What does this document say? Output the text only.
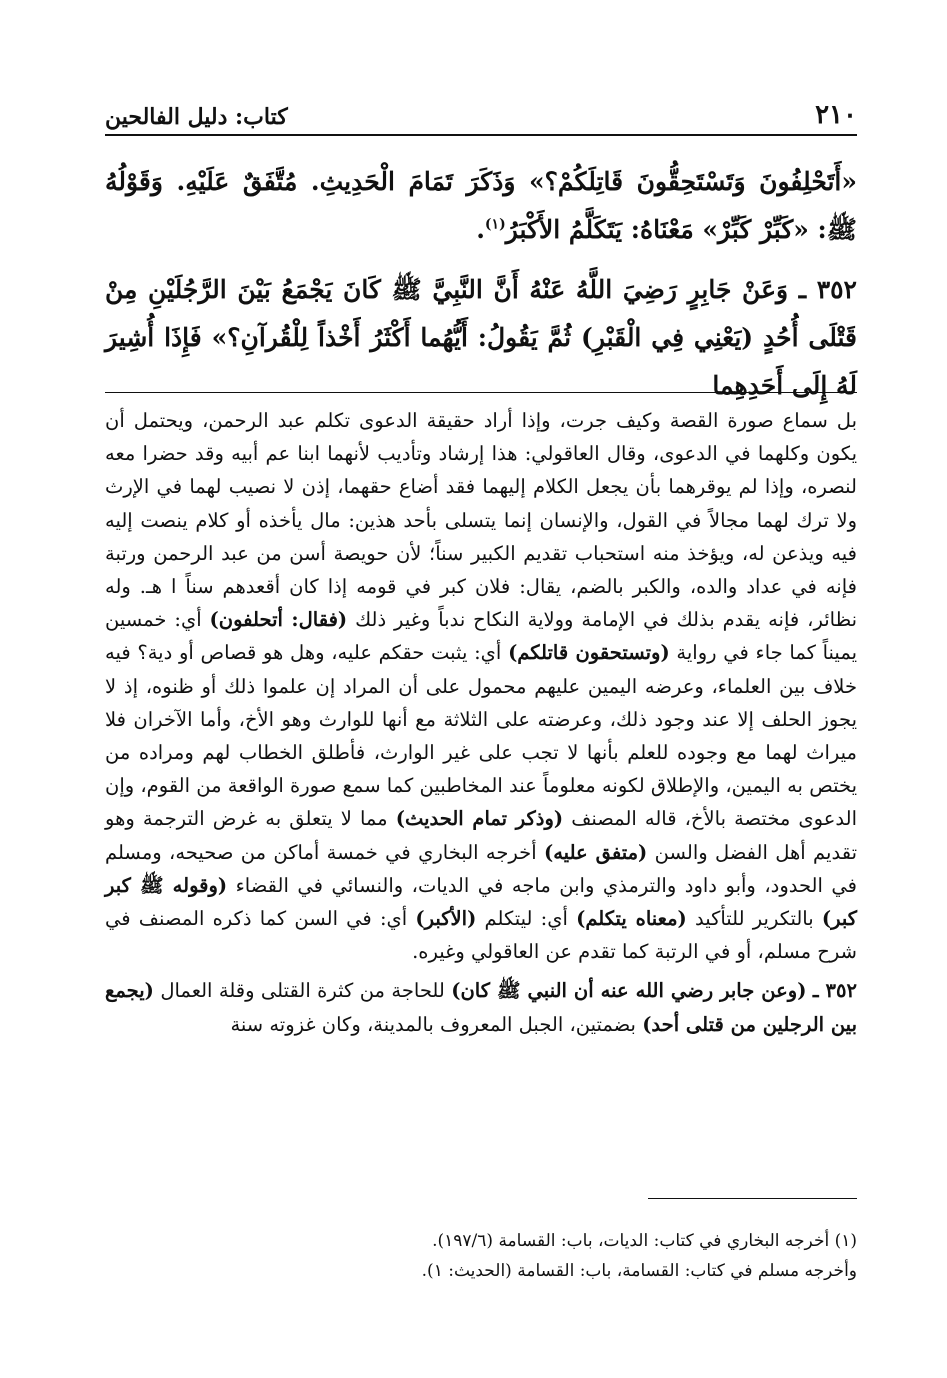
كتاب: دليل الفالحين	٢١٠

«أَتَحْلِفُونَ وَتَسْتَحِقُّونَ قَاتِلَكُمْ؟» وَذَكَرَ تَمَامَ الْحَدِيثِ. مُتَّفَقٌ عَلَيْهِ. وَقَوْلُهُ ﷺ: «كَبِّرْ كَبِّرْ» مَعْنَاهُ: يَتَكَلَّمُ الأَكْبَرُ$^{(١)}$.

٣٥٢ ـ وَعَنْ جَابِرٍ رَضِيَ اللَّهُ عَنْهُ أَنَّ النَّبِيَّ ﷺ كَانَ يَجْمَعُ بَيْنَ الرَّجُلَيْنِ مِنْ قَتْلَى أُحُدٍ (يَعْنِي فِي الْقَبْرِ) ثُمَّ يَقُولُ: أَيُّهُما أَكْثَرُ أَخْذاً لِلْقُرآنِ؟» فَإِذَا أُشِيرَ لَهُ إِلَى أَحَدِهِما

بل سماع صورة القصة وكيف جرت، وإذا أراد حقيقة الدعوى تكلم عبد الرحمن، ويحتمل أن يكون وكلهما في الدعوى، وقال العاقولي: هذا إرشاد وتأديب لأنهما ابنا عم أبيه وقد حضرا معه لنصره، وإذا لم يوقرهما بأن يجعل الكلام إليهما فقد أضاع حقهما، إذن لا نصيب لهما في الإرث ولا ترك لهما مجالاً في القول، والإنسان إنما يتسلى بأحد هذين: مال يأخذه أو كلام ينصت إليه فيه ويذعن له، ويؤخذ منه استحباب تقديم الكبير سناً؛ لأن حويصة أسن من عبد الرحمن ورتبة فإنه في عداد والده، والكبر بالضم، يقال: فلان كبر في قومه إذا كان أقعدهم سناً ا هـ. وله نظائر، فإنه يقدم بذلك في الإمامة وولاية النكاح ندباً وغير ذلك (فقال: أتحلفون) أي: خمسين يميناً كما جاء في رواية (وتستحقون قاتلكم) أي: يثبت حقكم عليه، وهل هو قصاص أو دية؟ فيه خلاف بين العلماء، وعرضه اليمين عليهم محمول على أن المراد إن علموا ذلك أو ظنوه، إذ لا يجوز الحلف إلا عند وجود ذلك، وعرضته على الثلاثة مع أنها للوارث وهو الأخ، وأما الآخران فلا ميراث لهما مع وجوده للعلم بأنها لا تجب على غير الوارث، فأطلق الخطاب لهم ومراده من يختص به اليمين، والإطلاق لكونه معلوماً عند المخاطبين كما سمع صورة الواقعة من القوم، وإن الدعوى مختصة بالأخ، قاله المصنف (وذكر تمام الحديث) مما لا يتعلق به غرض الترجمة وهو تقديم أهل الفضل والسن (متفق عليه) أخرجه البخاري في خمسة أماكن من صحيحه، ومسلم في الحدود، وأبو داود والترمذي وابن ماجه في الديات، والنسائي في القضاء (وقوله ﷺ كبر كبر) بالتكرير للتأكيد (معناه يتكلم) أي: ليتكلم (الأكبر) أي: في السن كما ذكره المصنف في شرح مسلم، أو في الرتبة كما تقدم عن العاقولي وغيره.

٣٥٢ ـ (وعن جابر رضي الله عنه أن النبي ﷺ كان) للحاجة من كثرة القتلى وقلة العمال (يجمع بين الرجلين من قتلى أحد) بضمتين، الجبل المعروف بالمدينة، وكان غزوته سنة

(١) أخرجه البخاري في كتاب: الديات، باب: القسامة (١٩٧/٦).
وأخرجه مسلم في كتاب: القسامة، باب: القسامة (الحديث: ١).
